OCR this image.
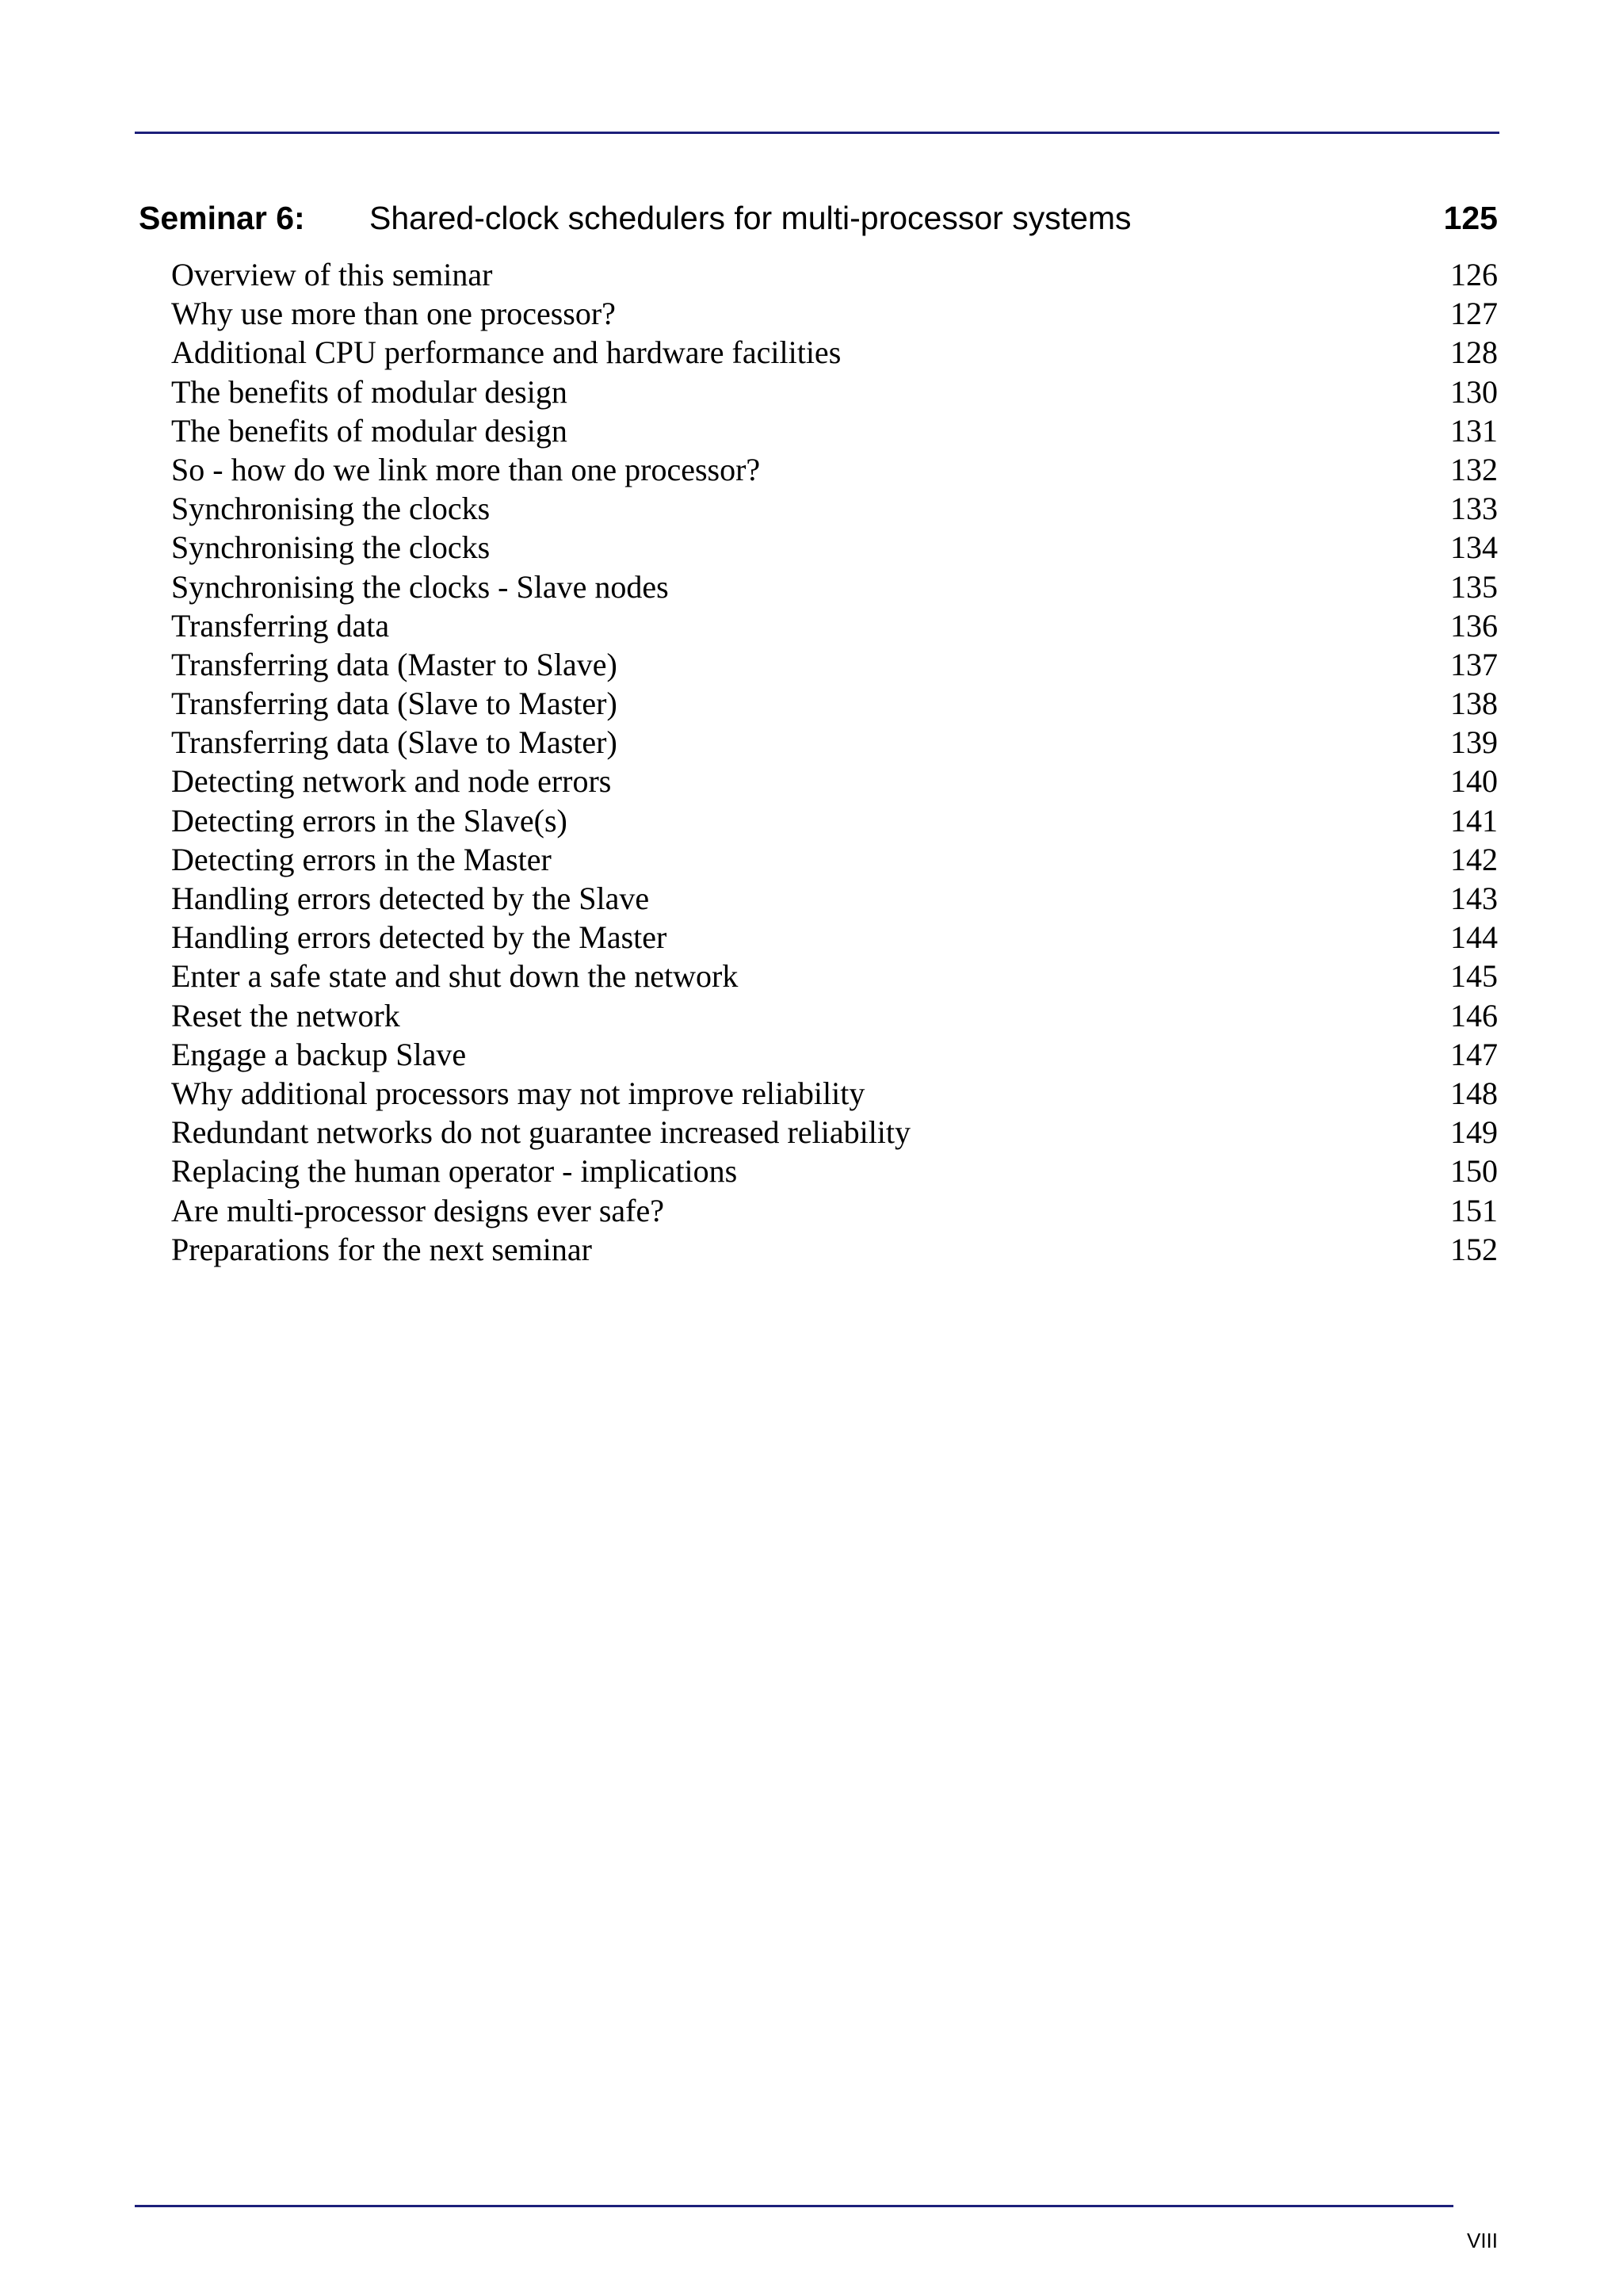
Seminar 6: Shared-clock schedulers for multi-processor systems	125
Overview of this seminar	126
Why use more than one processor?	127
Additional CPU performance and hardware facilities	128
The benefits of modular design	130
The benefits of modular design	131
So - how do we link more than one processor?	132
Synchronising the clocks	133
Synchronising the clocks	134
Synchronising the clocks - Slave nodes	135
Transferring data	136
Transferring data (Master to Slave)	137
Transferring data (Slave to Master)	138
Transferring data (Slave to Master)	139
Detecting network and node errors	140
Detecting errors in the Slave(s)	141
Detecting errors in the Master	142
Handling errors detected by the Slave	143
Handling errors detected by the Master	144
Enter a safe state and shut down the network	145
Reset the network	146
Engage a backup Slave	147
Why additional processors may not improve reliability	148
Redundant networks do not guarantee increased reliability	149
Replacing the human operator - implications	150
Are multi-processor designs ever safe?	151
Preparations for the next seminar	152
VIII
